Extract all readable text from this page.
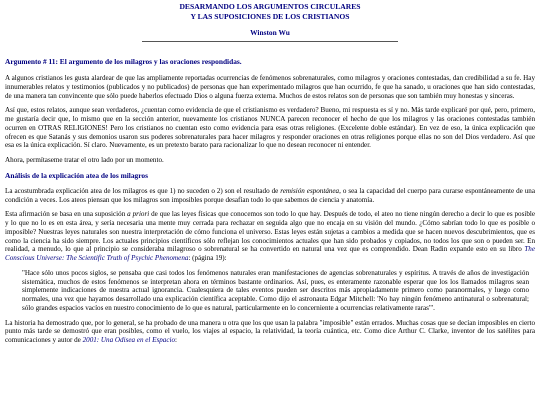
DESARMANDO LOS ARGUMENTOS CIRCULARES
Y LAS SUPOSICIONES DE LOS CRISTIANOS
Winston Wu
Argumento # 11: El argumento de los milagros y las oraciones respondidas.

A algunos cristianos les gusta alardear de que las ampliamente reportadas ocurrencias de fenómenos sobrenaturales, como milagros y oraciones contestadas, dan credibilidad a su fe. Hay innumerables relatos y testimonios (publicados y no publicados) de personas que han experimentado milagros que han ocurrido, fe que ha sanado, u oraciones que han sido contestadas, de una manera tan convincente que sólo puede haberlos efectuado Dios o alguna fuerza externa. Muchos de estos relatos son de personas que son también muy honestas y sinceras.

Así que, estos relatos, aunque sean verdaderos, ¿cuentan como evidencia de que el cristianismo es verdadero? Bueno, mi respuesta es sí y no. Más tarde explicaré por qué, pero, primero, me gustaría decir que, lo mismo que en la sección anterior, nuevamente los cristianos NUNCA parecen reconocer el hecho de que los milagros y las oraciones contestadas también ocurren en OTRAS RELIGIONES! Pero los cristianos no cuentan esto como evidencia para esas otras religiones. (Excelente doble estándar). En vez de eso, la única explicación que ofrecen es que Satanás y sus demonios usaron sus poderes sobrenaturales para hacer milagros y responder oraciones en otras religiones porque ellas no son del Dios verdadero. Así que esa es la única explicación. Sí claro. Nuevamente, es un pretexto barato para racionalizar lo que no desean reconocer ni entender.

Ahora, permítaseme tratar el otro lado por un momento.

Análisis de la explicación atea de los milagros

La acostumbrada explicación atea de los milagros es que 1) no suceden o 2) son el resultado de remisión espontánea, o sea la capacidad del cuerpo para curarse espontáneamente de una condición a veces. Los ateos piensan que los milagros son imposibles porque desafían todo lo que sabemos de ciencia y anatomía.

Esta afirmación se basa en una suposición a priori de que las leyes físicas que conocemos son todo lo que hay. Después de todo, el ateo no tiene ningún derecho a decir lo que es posible y lo que no lo es en esta área, y sería necesaria una mente muy cerrada para rechazar en seguida algo que no encaja en su visión del mundo. ¿Cómo sabrían todo lo que es posible o imposible? Nuestras leyes naturales son nuestra interpretación de cómo funciona el universo. Estas leyes están sujetas a cambios a medida que se hacen nuevos descubrimientos, que es como la ciencia ha sido siempre. Los actuales principios científicos sólo reflejan los conocimientos actuales que han sido probados y copiados, no todos los que son o pueden ser. En realidad, a menudo, lo que al principio se consideraba milagroso o sobrenatural se ha convertido en natural una vez que es comprendido. Dean Radin expande esto en su libro The Conscious Universe: The Scientific Truth of Psychic Phenomena: (página 19):

"Hace sólo unos pocos siglos, se pensaba que casi todos los fenómenos naturales eran manifestaciones de agencias sobrenaturales y espíritus. A través de años de investigación sistemática, muchos de estos fenómenos se interpretan ahora en términos bastante ordinarios. Así, pues, es enteramente razonable esperar que los los llamados milagros sean simplemente indicaciones de nuestra actual ignorancia. Cualesquiera de tales eventos pueden ser descritos más apropiadamente primero como paranormales, y luego como normales, una vez que hayamos desarrollado una explicación científica aceptable. Como dijo el astronauta Edgar Mitchell: 'No hay ningún fenómeno antinatural o sobrenatural; sólo grandes espacios vacíos en nuestro conocimiento de lo que es natural, particularmente en lo concerniente a ocurrencias relativamente raras'".

La historia ha demostrado que, por lo general, se ha probado de una manera u otra que los que usan la palabra "imposible" están errados. Muchas cosas que se decían imposibles en cierto punto más tarde se demostró que eran posibles, como el vuelo, los viajes al espacio, la relatividad, la teoría cuántica, etc. Como dice Arthur C. Clarke, inventor de los satélites para comunicaciones y autor de 2001: Una Odisea en el Espacio:
